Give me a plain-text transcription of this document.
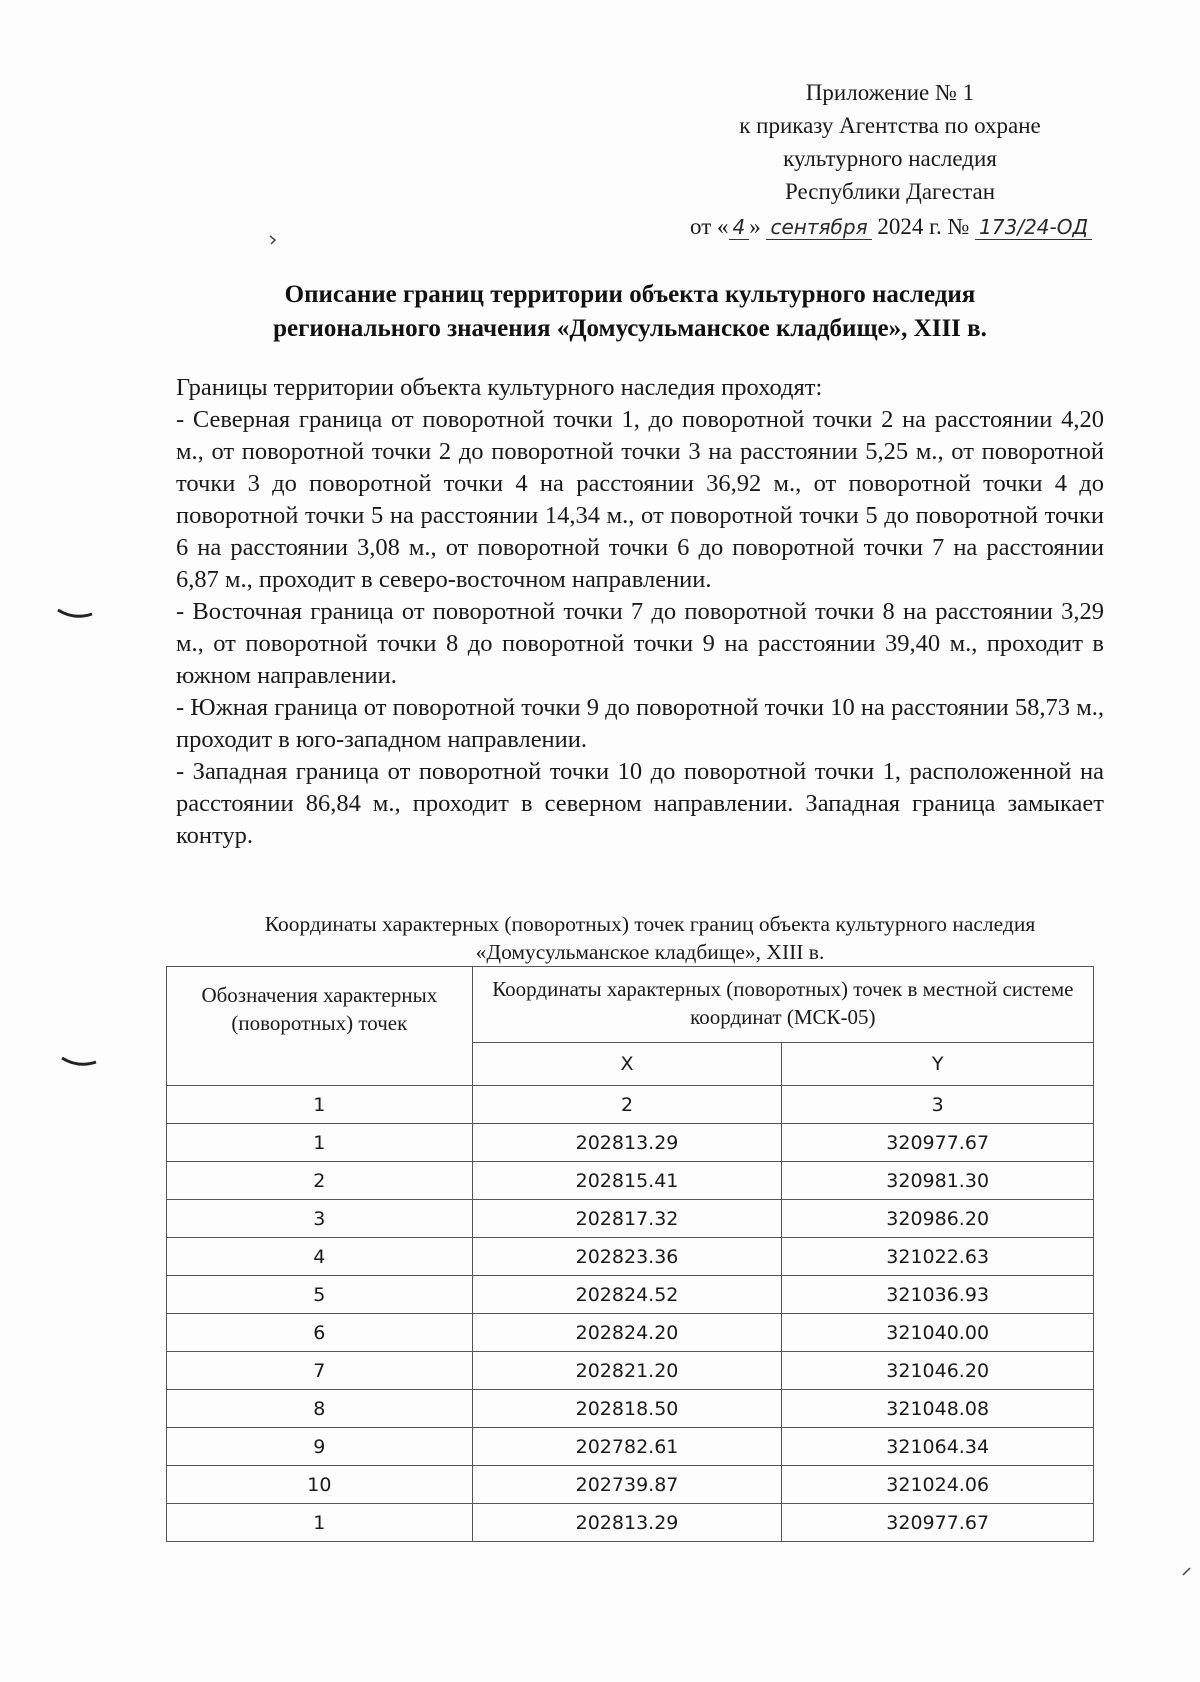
Приложение № 1
к приказу Агентства по охране
культурного наследия
Республики Дагестан
от « 4 » сентября 2024 г. № 173/24-ОД
Описание границ территории объекта культурного наследия
регионального значения «Домусульманское кладбище», XIII в.

Границы территории объекта культурного наследия проходят:

- Северная граница от поворотной точки 1, до поворотной точки 2 на расстоянии 4,20 м., от поворотной точки 2 до поворотной точки 3 на расстоянии 5,25 м., от поворотной точки 3 до поворотной точки 4 на расстоянии 36,92 м., от поворотной точки 4 до поворотной точки 5 на расстоянии 14,34 м., от поворотной точки 5 до поворотной точки 6 на расстоянии 3,08 м., от поворотной точки 6 до поворотной точки 7 на расстоянии 6,87 м., проходит в северо-восточном направлении.

- Восточная граница от поворотной точки 7 до поворотной точки 8 на расстоянии 3,29 м., от поворотной точки 8 до поворотной точки 9 на расстоянии 39,40 м., проходит в южном направлении.

- Южная граница от поворотной точки 9 до поворотной точки 10 на расстоянии 58,73 м., проходит в юго-западном направлении.

- Западная граница от поворотной точки 10 до поворотной точки 1, расположенной на расстоянии 86,84 м., проходит в северном направлении. Западная граница замыкает контур.

Координаты характерных (поворотных) точек границ объекта культурного наследия
«Домусульманское кладбище», XIII в.
Обозначения характерных (поворотных) точек	Координаты характерных (поворотных) точек в местной системе координат (МСК-05)	
	X	Y
1	2	3
1	202813.29	320977.67
2	202815.41	320981.30
3	202817.32	320986.20
4	202823.36	321022.63
5	202824.52	321036.93
6	202824.20	321040.00
7	202821.20	321046.20
8	202818.50	321048.08
9	202782.61	321064.34
10	202739.87	321024.06
1	202813.29	320977.67
